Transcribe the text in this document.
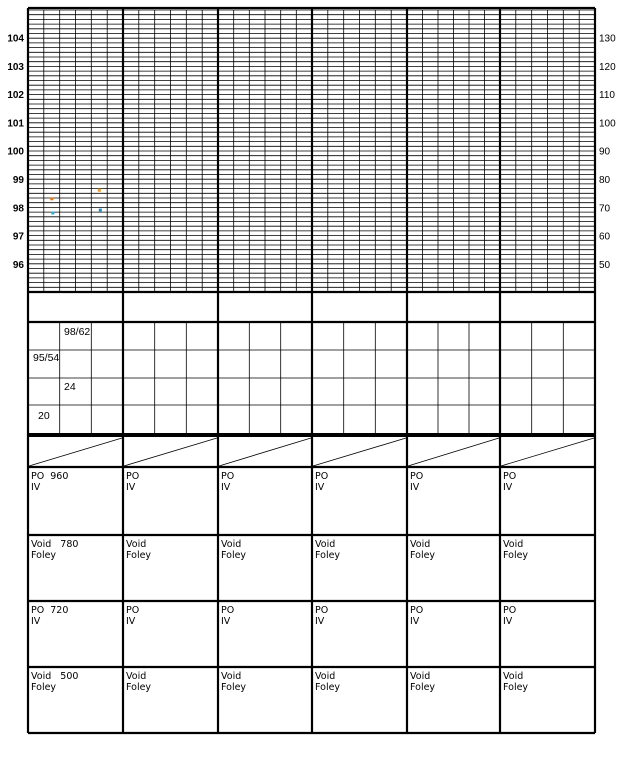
104
103
102
101
100
99
98
97
96
130
120
110
100
90
80
70
60
50
98/62
95/54
24
20
PO  960
IV
PO
IV
PO
IV
PO
IV
PO
IV
PO
IV
Void   780
Foley
Void
Foley
Void
Foley
Void
Foley
Void
Foley
Void
Foley
PO  720
IV
PO
IV
PO
IV
PO
IV
PO
IV
PO
IV
Void   500
Foley
Void
Foley
Void
Foley
Void
Foley
Void
Foley
Void
Foley
